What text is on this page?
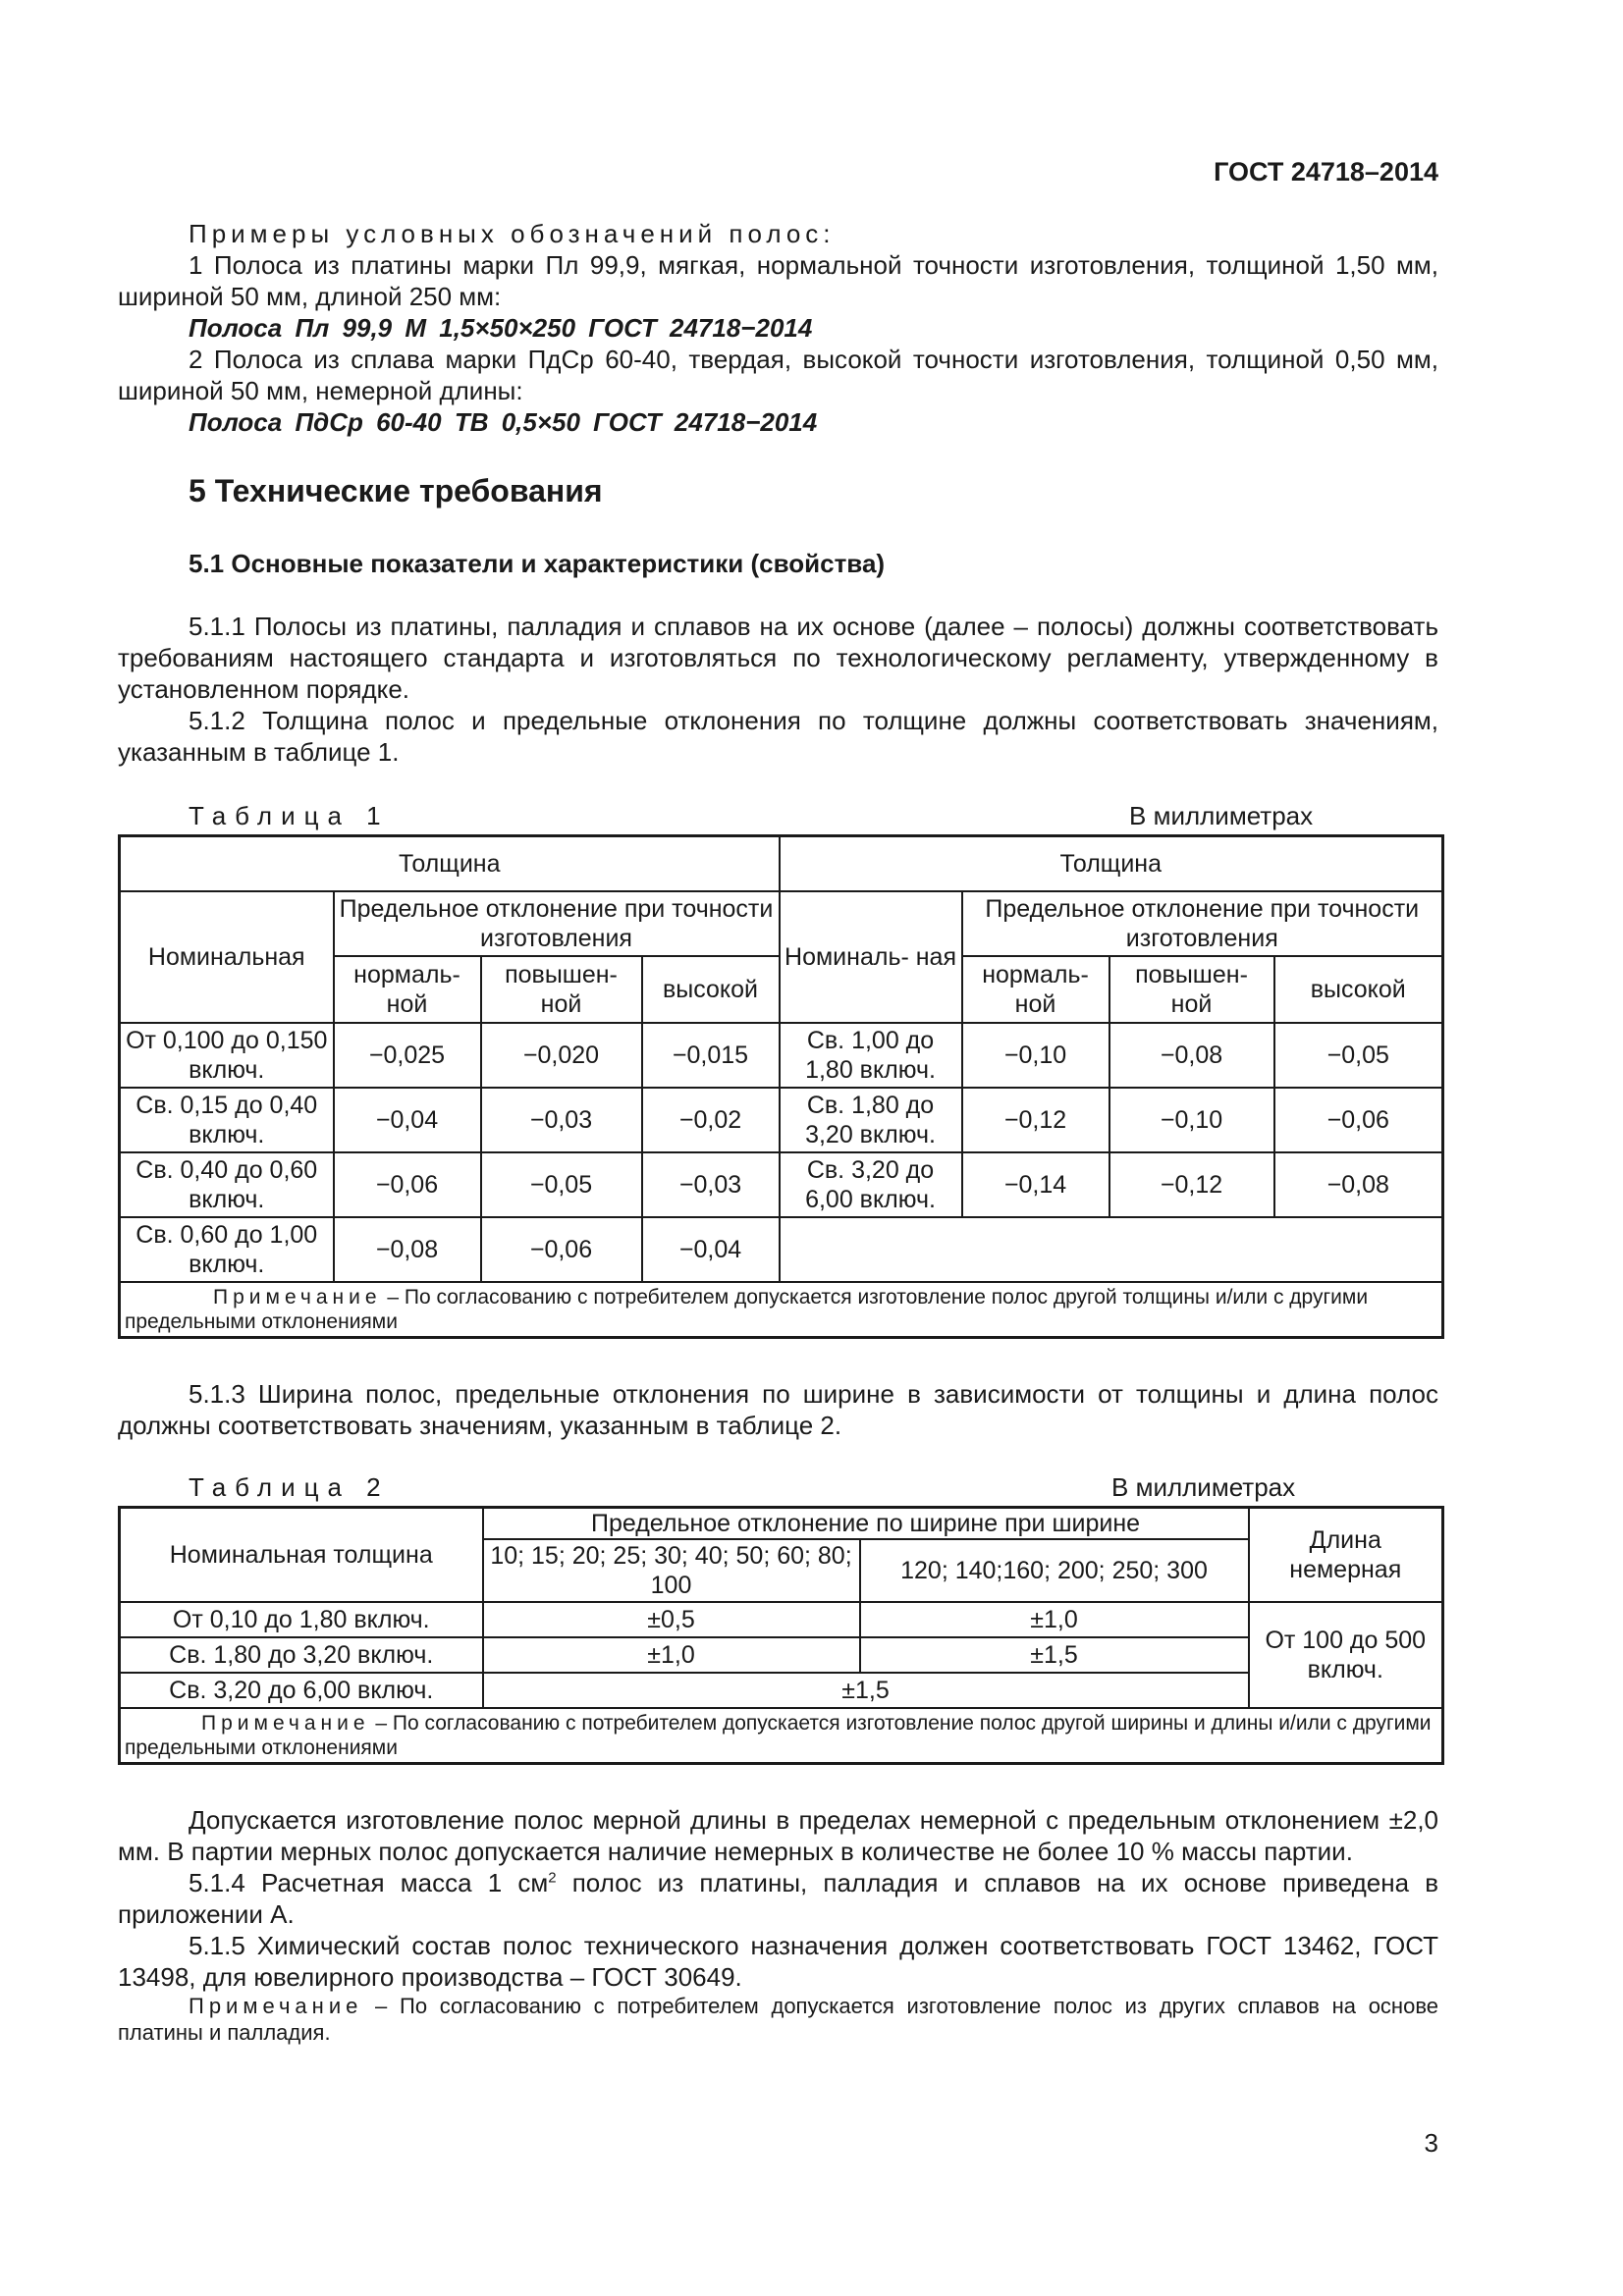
ГОСТ 24718–2014

Примеры условных обозначений полос:

1 Полоса из платины марки Пл 99,9, мягкая, нормальной точности изготовления, толщиной 1,50 мм, шириной 50 мм, длиной 250 мм:

Полоса Пл 99,9 М 1,5×50×250 ГОСТ 24718−2014

2 Полоса из сплава марки ПдСр 60-40, твердая, высокой точности изготовления, толщиной 0,50 мм, шириной 50 мм, немерной длины:

Полоса ПдСр 60-40 ТВ 0,5×50 ГОСТ 24718−2014

5 Технические требования
5.1 Основные показатели и характеристики (свойства)

5.1.1 Полосы из платины, палладия и сплавов на их основе (далее – полосы) должны соответствовать требованиям настоящего стандарта и изготовляться по технологическому регламенту, утвержденному в установленном порядке.

5.1.2 Толщина полос и предельные отклонения по толщине должны соответствовать значениям, указанным в таблице 1.

Таблица 1	В миллиметрах
Толщина				Толщина			
Номинальная	Предельное отклонение при точности изготовления			Номиналь- ная	Предельное отклонение при точности изготовления		
	нормаль- ной	повышен- ной	высокой		нормаль- ной	повышен- ной	высокой
От 0,100 до 0,150 включ.	−0,025	−0,020	−0,015	Св. 1,00 до 1,80 включ.	−0,10	−0,08	−0,05
Св. 0,15 до 0,40 включ.	−0,04	−0,03	−0,02	Св. 1,80 до 3,20 включ.	−0,12	−0,10	−0,06
Св. 0,40 до 0,60 включ.	−0,06	−0,05	−0,03	Св. 3,20 до 6,00 включ.	−0,14	−0,12	−0,08
Св. 0,60 до 1,00 включ.	−0,08	−0,06	−0,04				
Примечание – По согласованию с потребителем допускается изготовление полос другой толщины и/или с другими предельными отклонениями							

5.1.3 Ширина полос, предельные отклонения по ширине в зависимости от толщины и длина полос должны соответствовать значениям, указанным в таблице 2.

Таблица 2	В миллиметрах
Номинальная толщина	Предельное отклонение по ширине при ширине		Длина немерная
	10; 15; 20; 25; 30; 40; 50; 60; 80; 100	120; 140;160; 200; 250; 300	
От 0,10 до 1,80 включ.	±0,5	±1,0	От 100 до 500 включ.
Св. 1,80 до 3,20 включ.	±1,0	±1,5	
Св. 3,20 до 6,00 включ.	±1,5		
Примечание – По согласованию с потребителем допускается изготовление полос другой ширины и длины и/или с другими предельными отклонениями			

Допускается изготовление полос мерной длины в пределах немерной с предельным отклонением ±2,0 мм. В партии мерных полос допускается наличие немерных в количестве не более 10 % массы партии.

5.1.4 Расчетная масса 1 $см^2$ полос из платины, палладия и сплавов на их основе приведена в приложении А.

5.1.5 Химический состав полос технического назначения должен соответствовать ГОСТ 13462, ГОСТ 13498, для ювелирного производства – ГОСТ 30649.

Примечание – По согласованию с потребителем допускается изготовление полос из других сплавов на основе платины и палладия.

3
